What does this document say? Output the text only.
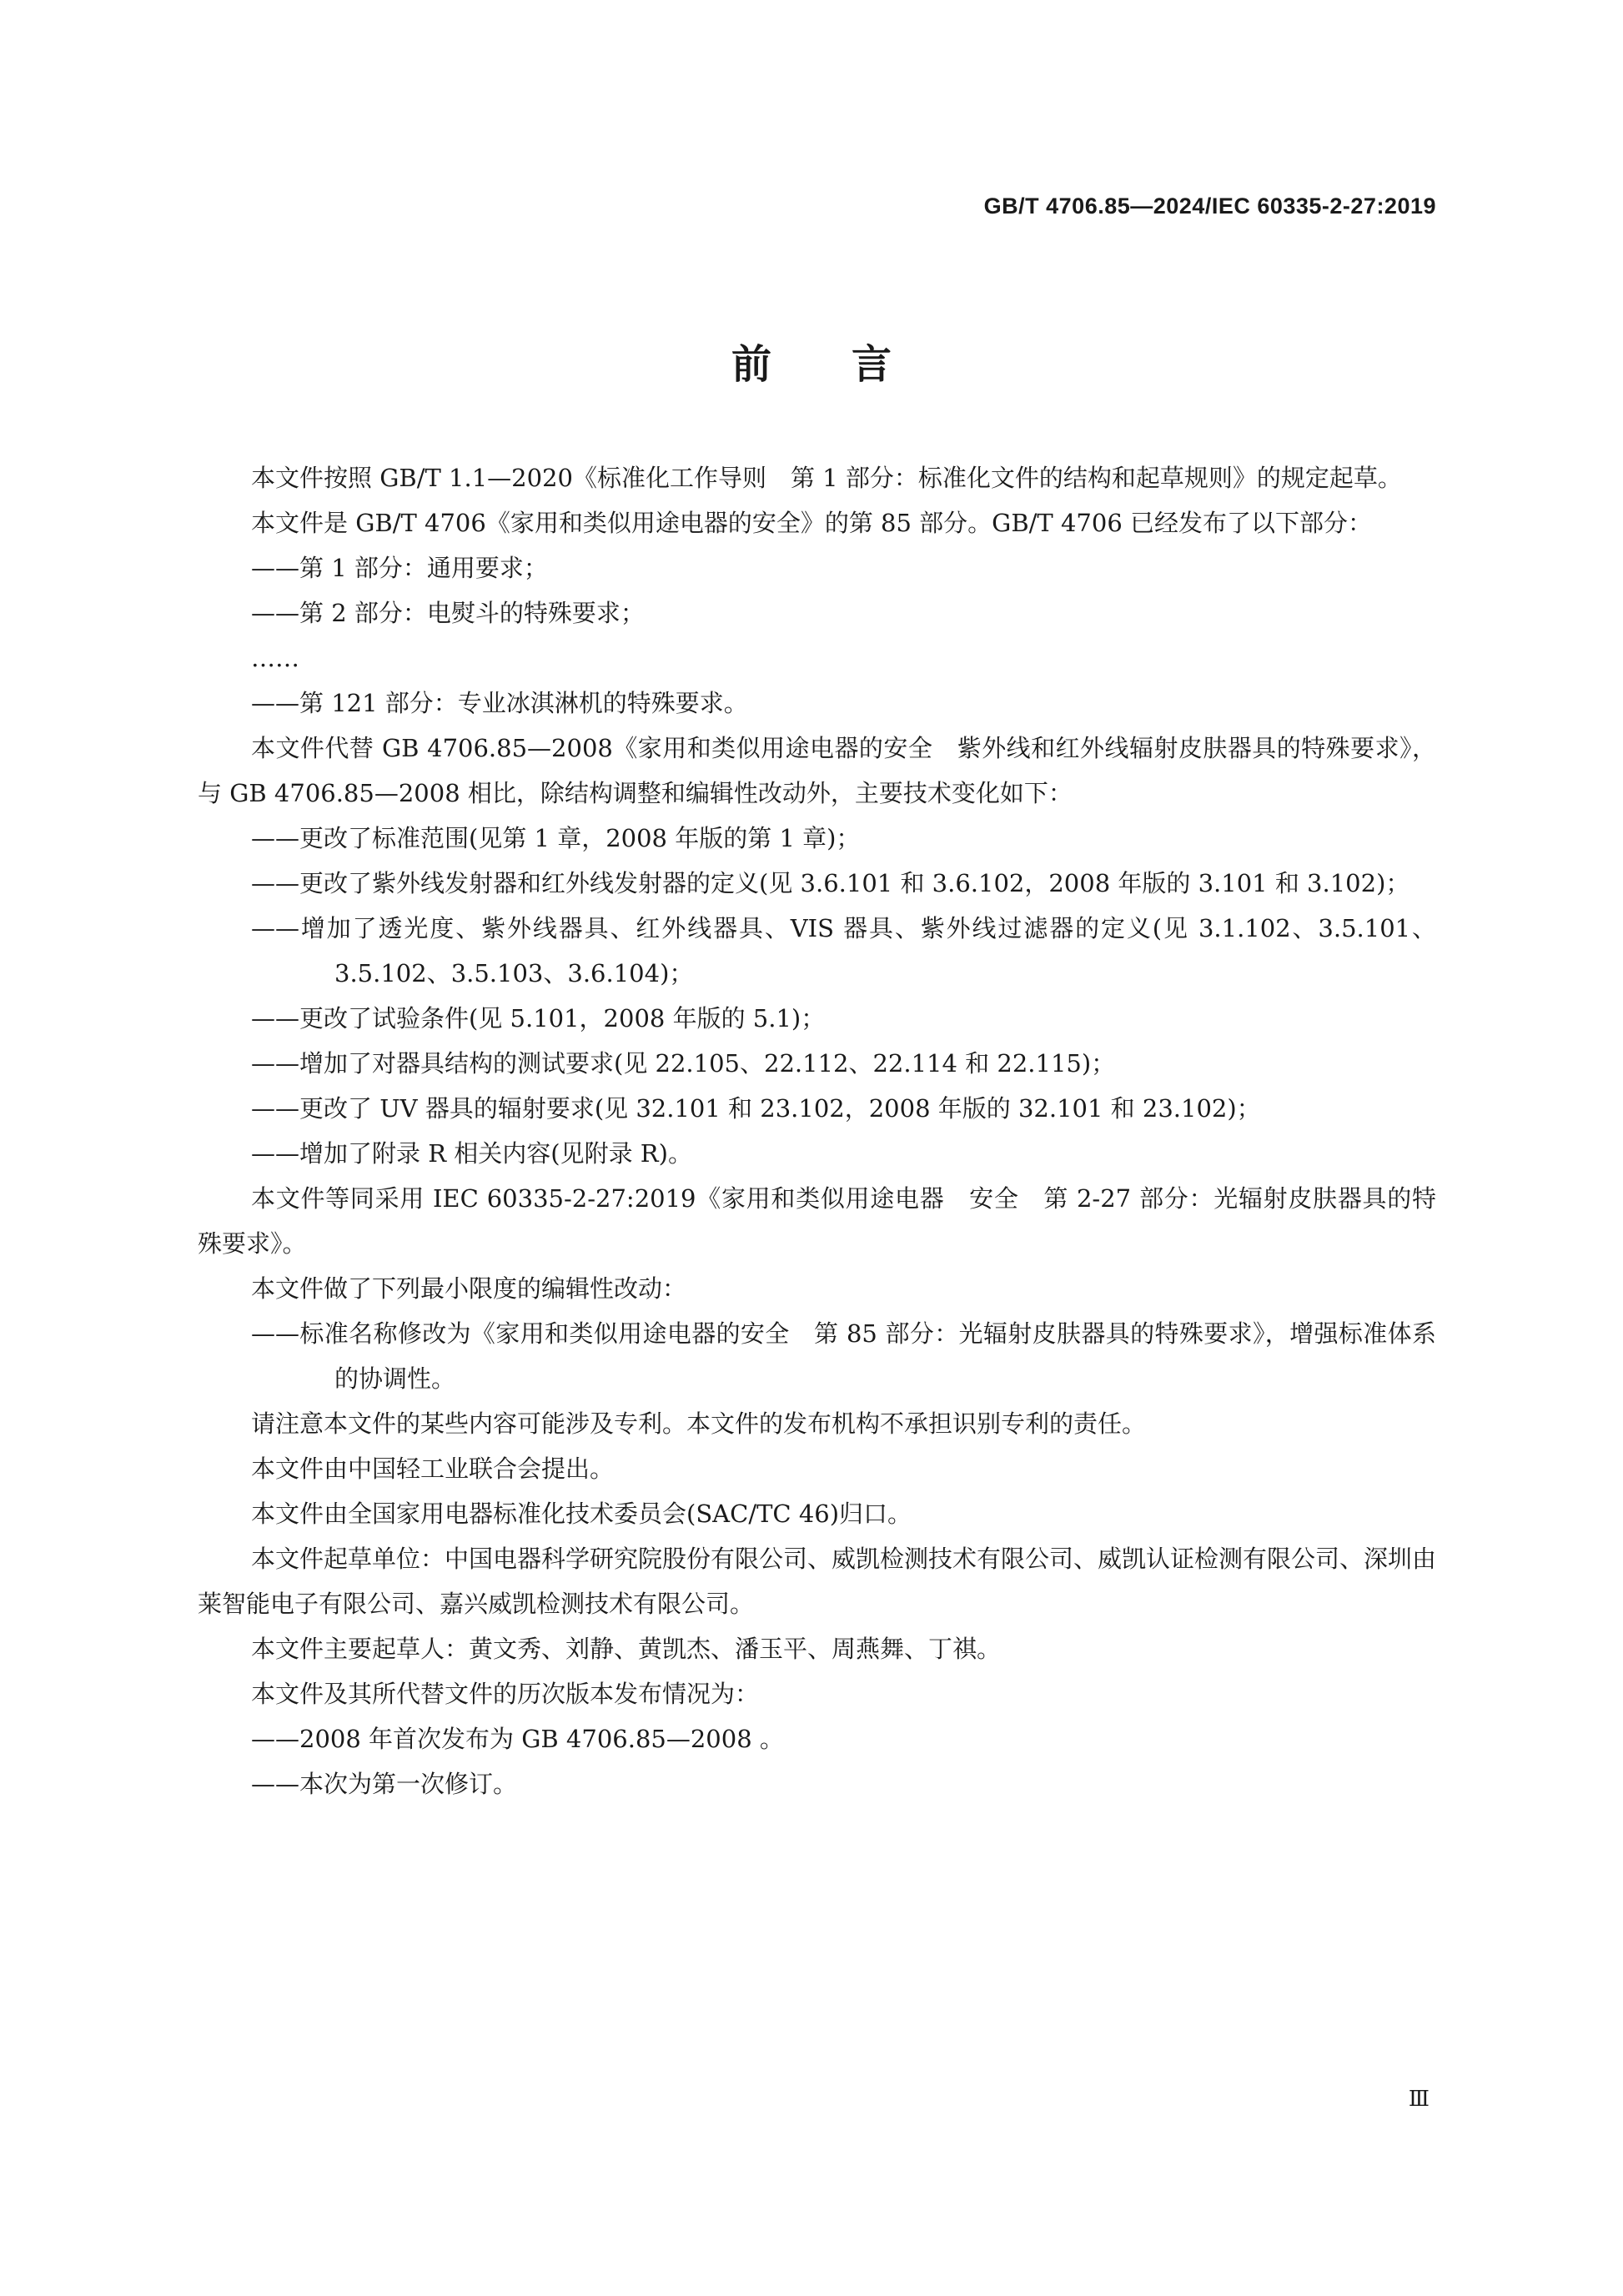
GB/T 4706.85—2024/IEC 60335-2-27:2019
前言

本文件按照 GB/T 1.1—2020《标准化工作导则　第 1 部分：标准化文件的结构和起草规则》的规定起草。

本文件是 GB/T 4706《家用和类似用途电器的安全》的第 85 部分。GB/T 4706 已经发布了以下部分：

——第 1 部分：通用要求；

——第 2 部分：电熨斗的特殊要求；

……

——第 121 部分：专业冰淇淋机的特殊要求。

本文件代替 GB 4706.85—2008《家用和类似用途电器的安全　紫外线和红外线辐射皮肤器具的特殊要求》，与 GB 4706.85—2008 相比，除结构调整和编辑性改动外，主要技术变化如下：

——更改了标准范围(见第 1 章，2008 年版的第 1 章)；

——更改了紫外线发射器和红外线发射器的定义(见 3.6.101 和 3.6.102，2008 年版的 3.101 和 3.102)；

——增加了透光度、紫外线器具、红外线器具、VIS 器具、紫外线过滤器的定义(见 3.1.102、3.5.101、3.5.102、3.5.103、3.6.104)；

——更改了试验条件(见 5.101，2008 年版的 5.1)；

——增加了对器具结构的测试要求(见 22.105、22.112、22.114 和 22.115)；

——更改了 UV 器具的辐射要求(见 32.101 和 23.102，2008 年版的 32.101 和 23.102)；

——增加了附录 R 相关内容(见附录 R)。

本文件等同采用 IEC 60335-2-27:2019《家用和类似用途电器　安全　第 2-27 部分：光辐射皮肤器具的特殊要求》。

本文件做了下列最小限度的编辑性改动：

——标准名称修改为《家用和类似用途电器的安全　第 85 部分：光辐射皮肤器具的特殊要求》，增强标准体系的协调性。

请注意本文件的某些内容可能涉及专利。本文件的发布机构不承担识别专利的责任。

本文件由中国轻工业联合会提出。

本文件由全国家用电器标准化技术委员会(SAC/TC 46)归口。

本文件起草单位：中国电器科学研究院股份有限公司、威凯检测技术有限公司、威凯认证检测有限公司、深圳由莱智能电子有限公司、嘉兴威凯检测技术有限公司。

本文件主要起草人：黄文秀、刘静、黄凯杰、潘玉平、周燕舞、丁祺。

本文件及其所代替文件的历次版本发布情况为：

——2008 年首次发布为 GB 4706.85—2008 。

——本次为第一次修订。

Ⅲ
